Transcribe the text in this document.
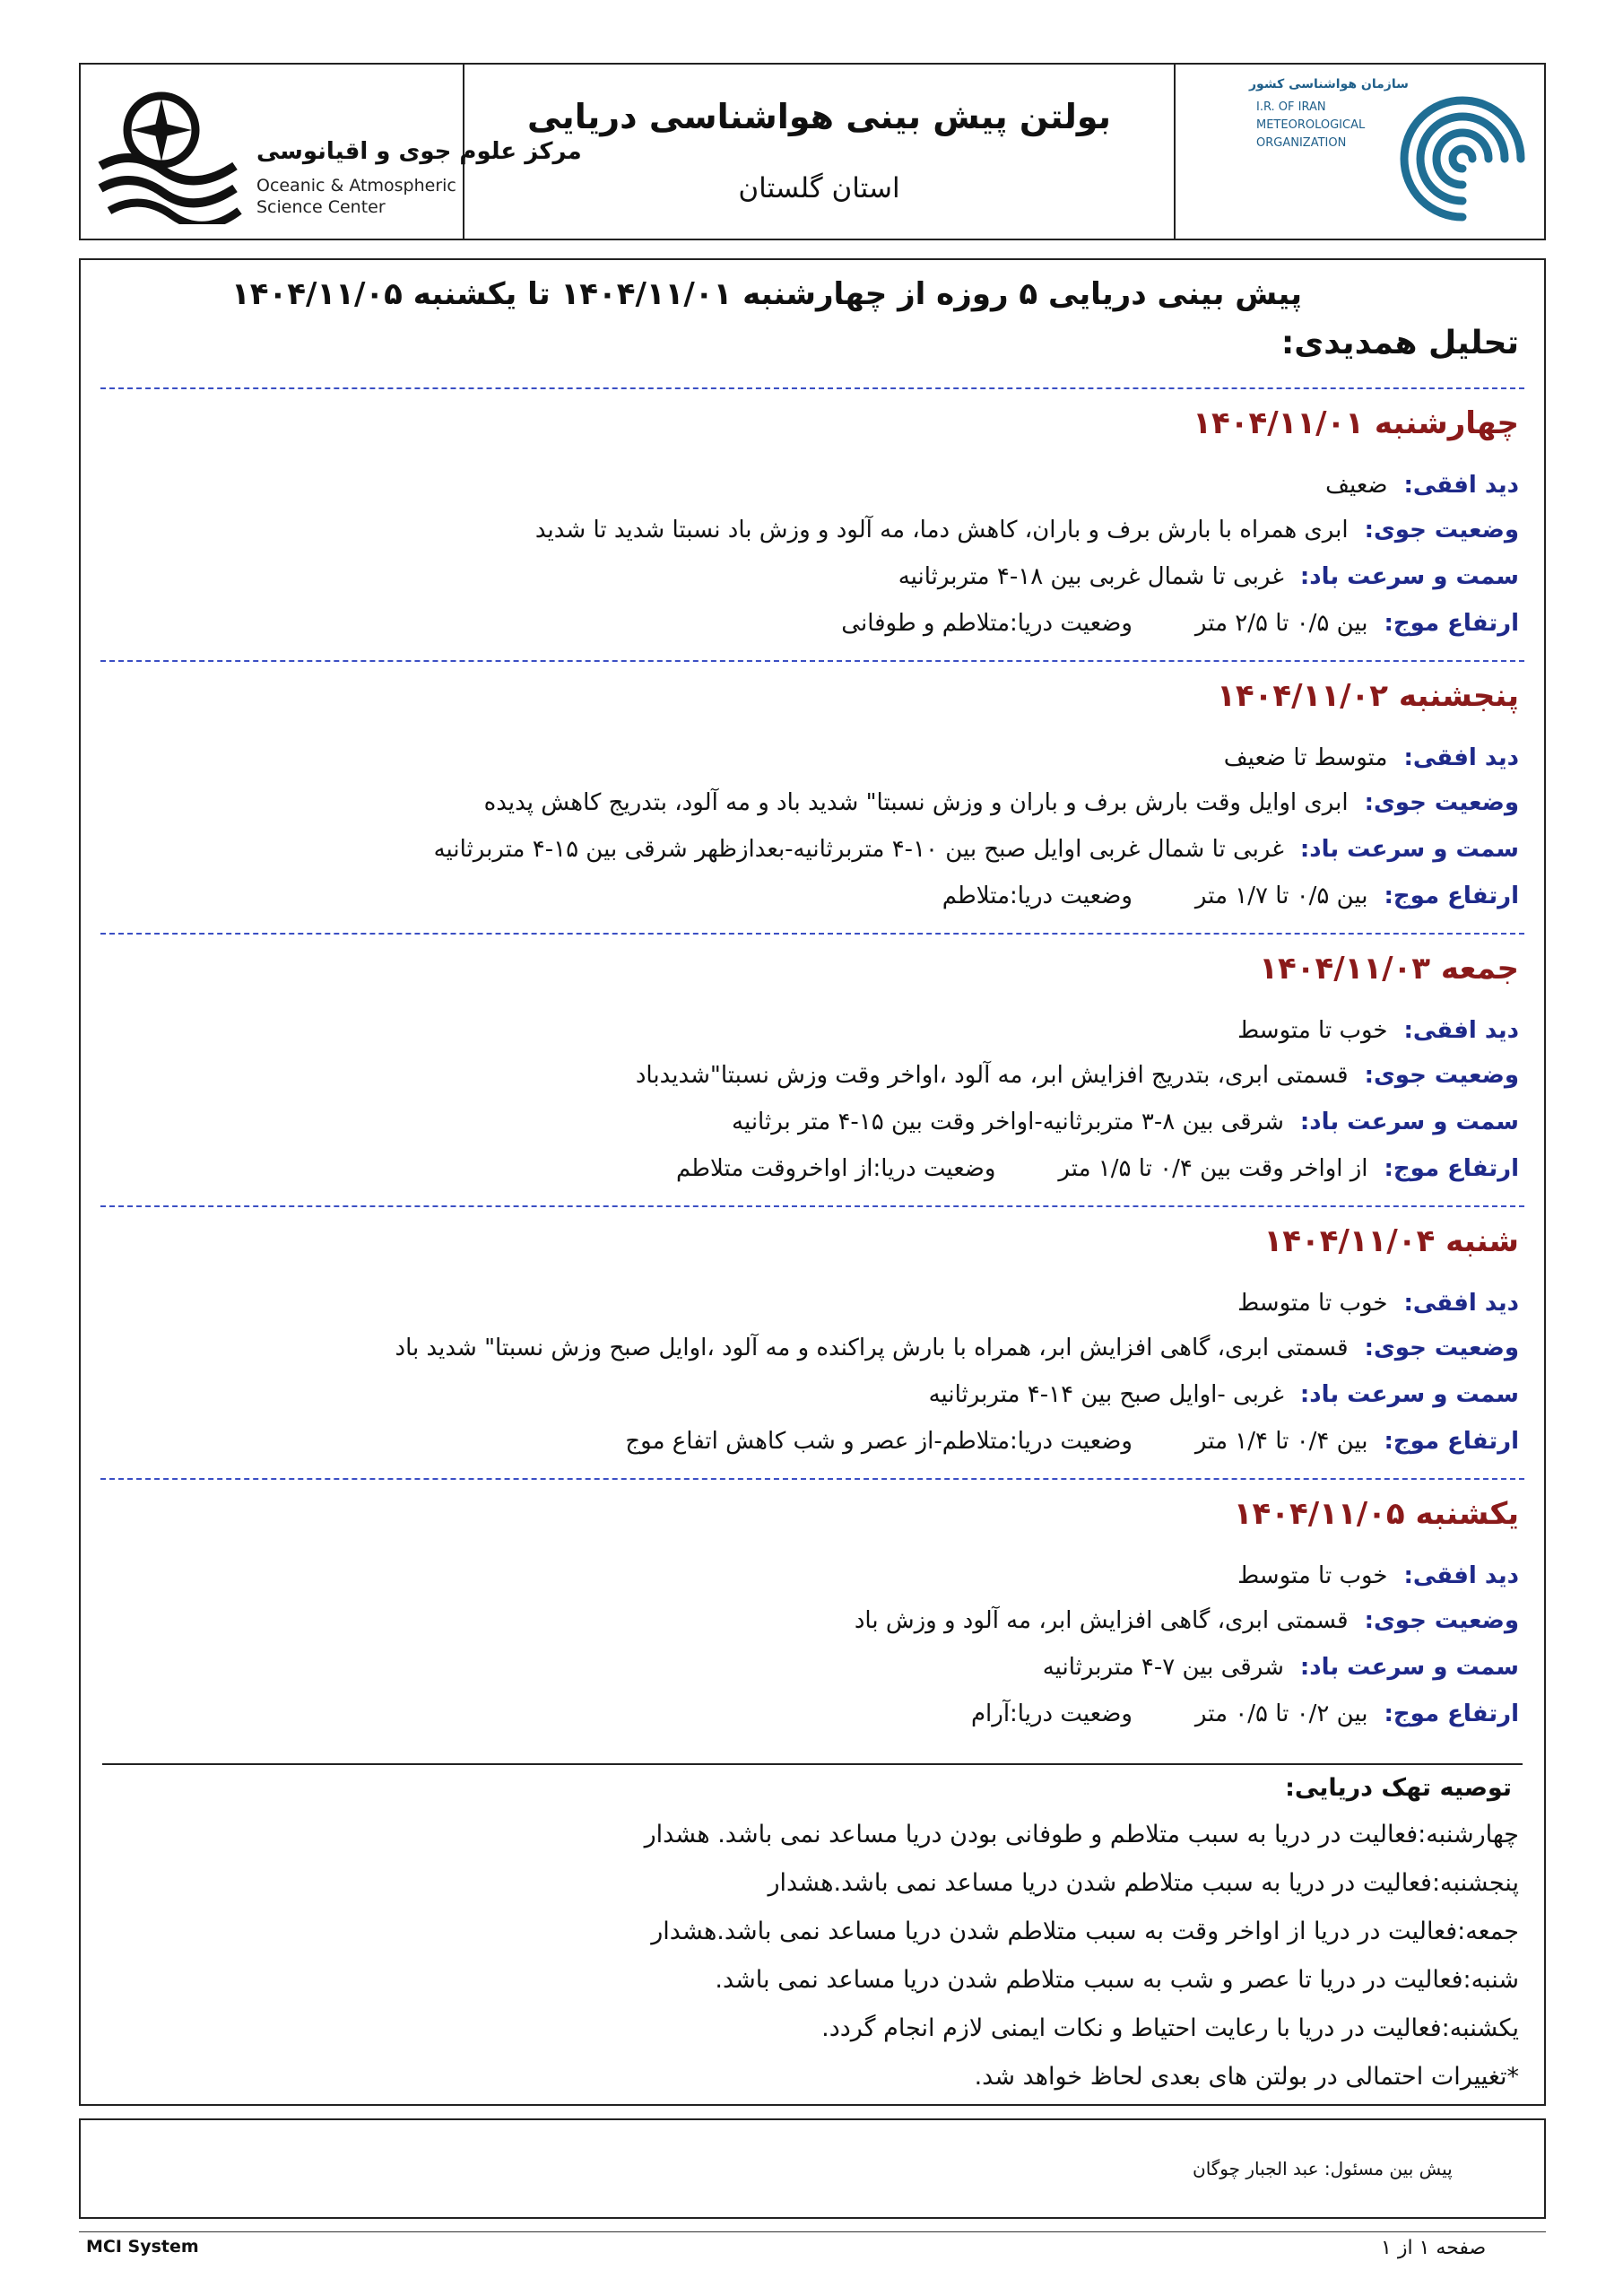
مرکز علوم جوی و اقیانوسی
Oceanic & Atmospheric
Science Center
بولتن پیش بینی هواشناسی دریایی
استان گلستان
سازمان هواشناسی کشور
I.R. OF IRAN
METEOROLOGICAL
ORGANIZATION
پیش بینی دریایی ۵ روزه از چهارشنبه ۱۴۰۴/۱۱/۰۱ تا یکشنبه ۱۴۰۴/۱۱/۰۵
تحلیل همدیدی:
چهارشنبه ۱۴۰۴/۱۱/۰۱
دید افقی:ضعیف
وضعیت جوی:ابری همراه با بارش برف و باران، کاهش دما، مه آلود و وزش باد نسبتا شدید تا شدید
سمت و سرعت باد:غربی تا شمال غربی بین ۱۸-۴ متربرثانیه
ارتفاع موج:بین ۰/۵ تا ۲/۵ متروضعیت دریا:متلاطم و طوفانی
پنجشنبه ۱۴۰۴/۱۱/۰۲
دید افقی:متوسط تا ضعیف
وضعیت جوی:ابری اوایل وقت بارش برف و باران و وزش نسبتا" شدید باد و مه آلود، بتدریج کاهش پدیده
سمت و سرعت باد:غربی تا شمال غربی اوایل صبح بین ۱۰-۴ متربرثانیه-بعدازظهر شرقی بین ۱۵-۴ متربرثانیه
ارتفاع موج:بین ۰/۵ تا ۱/۷ متروضعیت دریا:متلاطم
جمعه ۱۴۰۴/۱۱/۰۳
دید افقی:خوب تا متوسط
وضعیت جوی:قسمتی ابری، بتدریج افزایش ابر، مه آلود ،اواخر وقت وزش نسبتا"شدیدباد
سمت و سرعت باد:شرقی بین ۸-۳ متربرثانیه-اواخر وقت بین ۱۵-۴ متر برثانیه
ارتفاع موج:از اواخر وقت بین ۰/۴ تا ۱/۵ متروضعیت دریا:از اواخروقت متلاطم
شنبه ۱۴۰۴/۱۱/۰۴
دید افقی:خوب تا متوسط
وضعیت جوی:قسمتی ابری، گاهی افزایش ابر، همراه با بارش پراکنده و مه آلود ،اوایل صبح وزش نسبتا" شدید باد
سمت و سرعت باد:غربی -اوایل صبح بین ۱۴-۴ متربرثانیه
ارتفاع موج:بین ۰/۴ تا ۱/۴ متروضعیت دریا:متلاطم-از عصر و شب کاهش اتفاع موج
یکشنبه ۱۴۰۴/۱۱/۰۵
دید افقی:خوب تا متوسط
وضعیت جوی:قسمتی ابری، گاهی افزایش ابر، مه آلود و وزش باد
سمت و سرعت باد:شرقی بین ۷-۴ متربرثانیه
ارتفاع موج:بین ۰/۲ تا ۰/۵ متروضعیت دریا:آرام
توصیه تهک دریایی:
چهارشنبه:فعالیت در دریا به سبب متلاطم و طوفانی بودن دریا مساعد نمی باشد. هشدار
پنجشنبه:فعالیت در دریا به سبب متلاطم شدن دریا مساعد نمی باشد.هشدار
جمعه:فعالیت در دریا از اواخر وقت به سبب متلاطم شدن دریا مساعد نمی باشد.هشدار
شنبه:فعالیت در دریا تا عصر و شب به سبب متلاطم شدن دریا مساعد نمی باشد.
یکشنبه:فعالیت در دریا با رعایت احتیاط و نکات ایمنی لازم انجام گردد.
*تغییرات احتمالی در بولتن های بعدی لحاظ خواهد شد.
پیش بین مسئول: عبد الجبار چوگان
MCI System	صفحه ۱ از ۱
